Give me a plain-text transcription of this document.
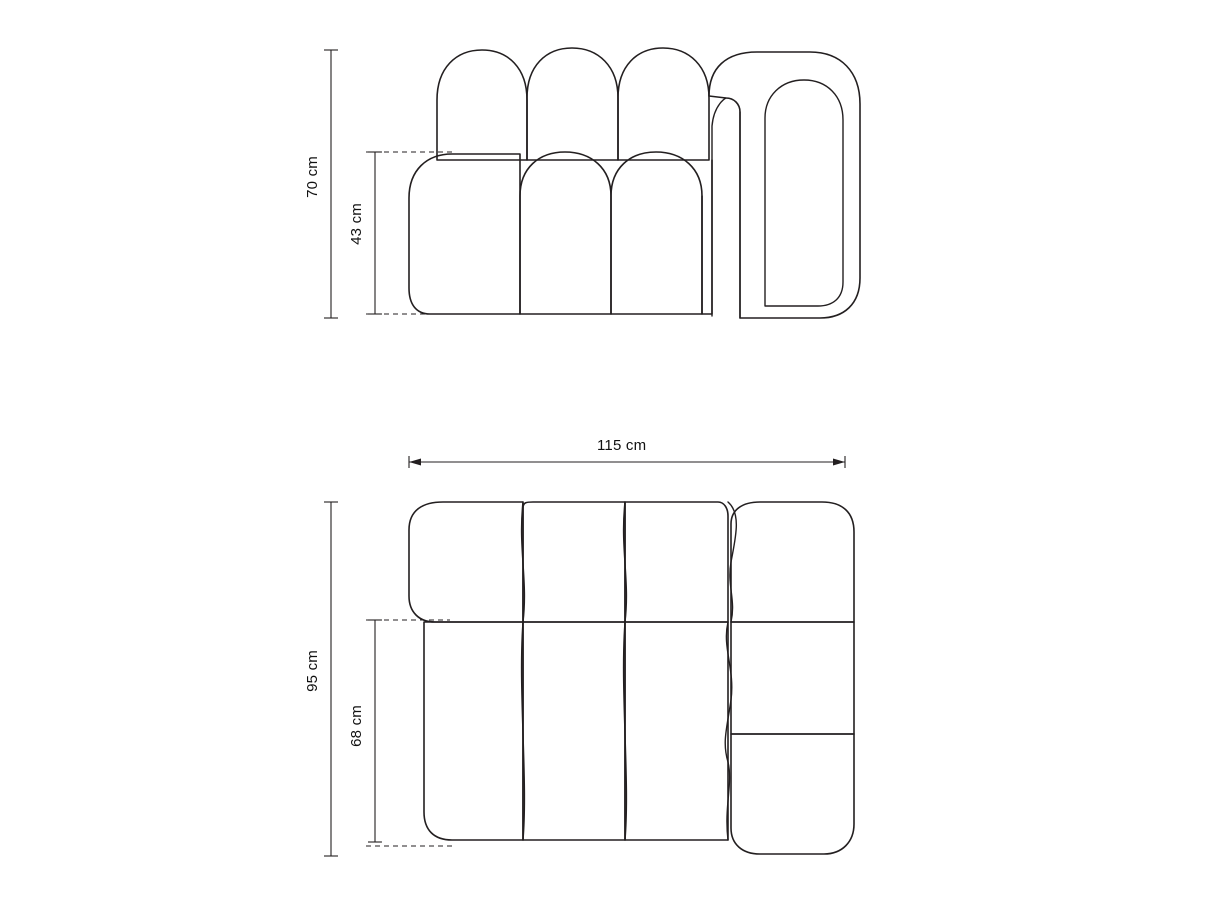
70 cm
43 cm
115 cm
95 cm
68 cm
